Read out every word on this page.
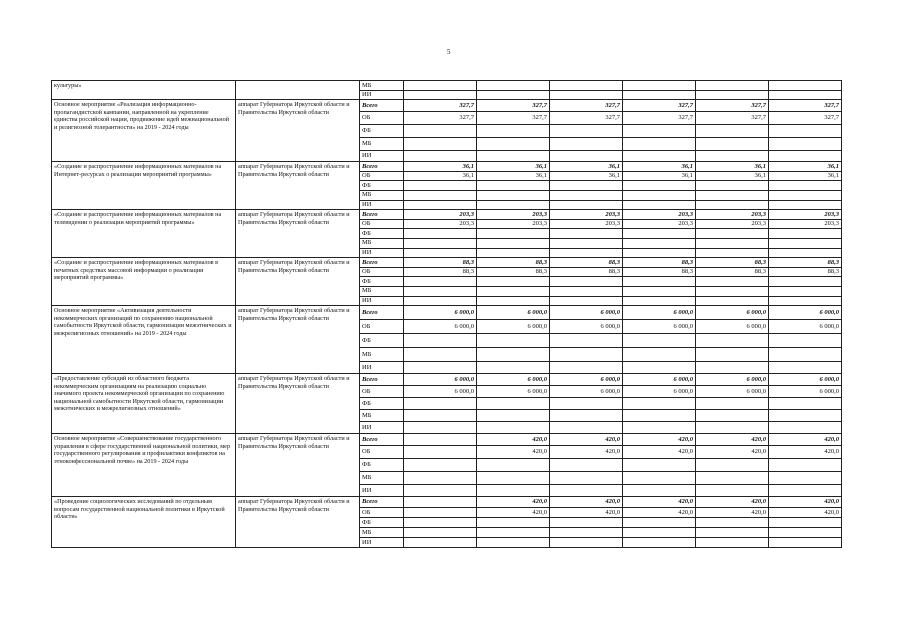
5
культуры»		МБ						
		ИИ						
Основное мероприятие «Реализация информационно-пропагандистской кампании, направленной на укрепление единства российской нации, продвижение идей межнациональной и религиозной толерантности» на 2019 - 2024 годы	аппарат Губернатора Иркутской области и Правительства Иркутской области	Всего	327,7	327,7	327,7	327,7	327,7	327,7
		ОБ	327,7	327,7	327,7	327,7	327,7	327,7
		ФБ						
		МБ						
		ИИ						
«Создание и распространение информационных материалов на Интернет-ресурсах о реализации мероприятий программы»	аппарат Губернатора Иркутской области и Правительства Иркутской области	Всего	36,1	36,1	36,1	36,1	36,1	36,1
		ОБ	36,1	36,1	36,1	36,1	36,1	36,1
		ФБ						
		МБ						
		ИИ						
«Создание и распространение информационных материалов на телевидении о реализации мероприятий программы»	аппарат Губернатора Иркутской области и Правительства Иркутской области	Всего	203,3	203,3	203,3	203,3	203,3	203,3
		ОБ	203,3	203,3	203,3	203,3	203,3	203,3
		ФБ						
		МБ						
		ИИ						
«Создание и распространение информационных материалов в печатных средствах массовой информации о реализации мероприятий программы»	аппарат Губернатора Иркутской области и Правительства Иркутской области	Всего	88,3	88,3	88,3	88,3	88,3	88,3
		ОБ	88,3	88,3	88,3	88,3	88,3	88,3
		ФБ						
		МБ						
		ИИ						
Основное мероприятие «Активизация деятельности некоммерческих организаций по сохранению национальной самобытности Иркутской области, гармонизации межэтнических и межрелигиозных отношений» на 2019 - 2024 годы	аппарат Губернатора Иркутской области и Правительства Иркутской области	Всего	6 000,0	6 000,0	6 000,0	6 000,0	6 000,0	6 000,0
		ОБ	6 000,0	6 000,0	6 000,0	6 000,0	6 000,0	6 000,0
		ФБ						
		МБ						
		ИИ						
«Предоставление субсидий из областного бюджета некоммерческим организациям на реализацию социально значимого проекта некоммерческой организации по сохранению национальной самобытности Иркутской области, гармонизации межэтнических и межрелигиозных отношений»	аппарат Губернатора Иркутской области и Правительства Иркутской области	Всего	6 000,0	6 000,0	6 000,0	6 000,0	6 000,0	6 000,0
		ОБ	6 000,0	6 000,0	6 000,0	6 000,0	6 000,0	6 000,0
		ФБ						
		МБ						
		ИИ						
Основное мероприятие «Совершенствование государственного управления в сфере государственной национальной политики, мер государственного регулирования и профилактики конфликтов на этноконфессиональной почве» на 2019 - 2024 годы	аппарат Губернатора Иркутской области и Правительства Иркутской области	Всего		420,0	420,0	420,0	420,0	420,0
		ОБ		420,0	420,0	420,0	420,0	420,0
		ФБ						
		МБ						
		ИИ						
«Проведение социологических исследований по отдельным вопросам государственной национальной политики в Иркутской области»	аппарат Губернатора Иркутской области и Правительства Иркутской области	Всего		420,0	420,0	420,0	420,0	420,0
		ОБ		420,0	420,0	420,0	420,0	420,0
		ФБ						
		МБ						
		ИИ						
